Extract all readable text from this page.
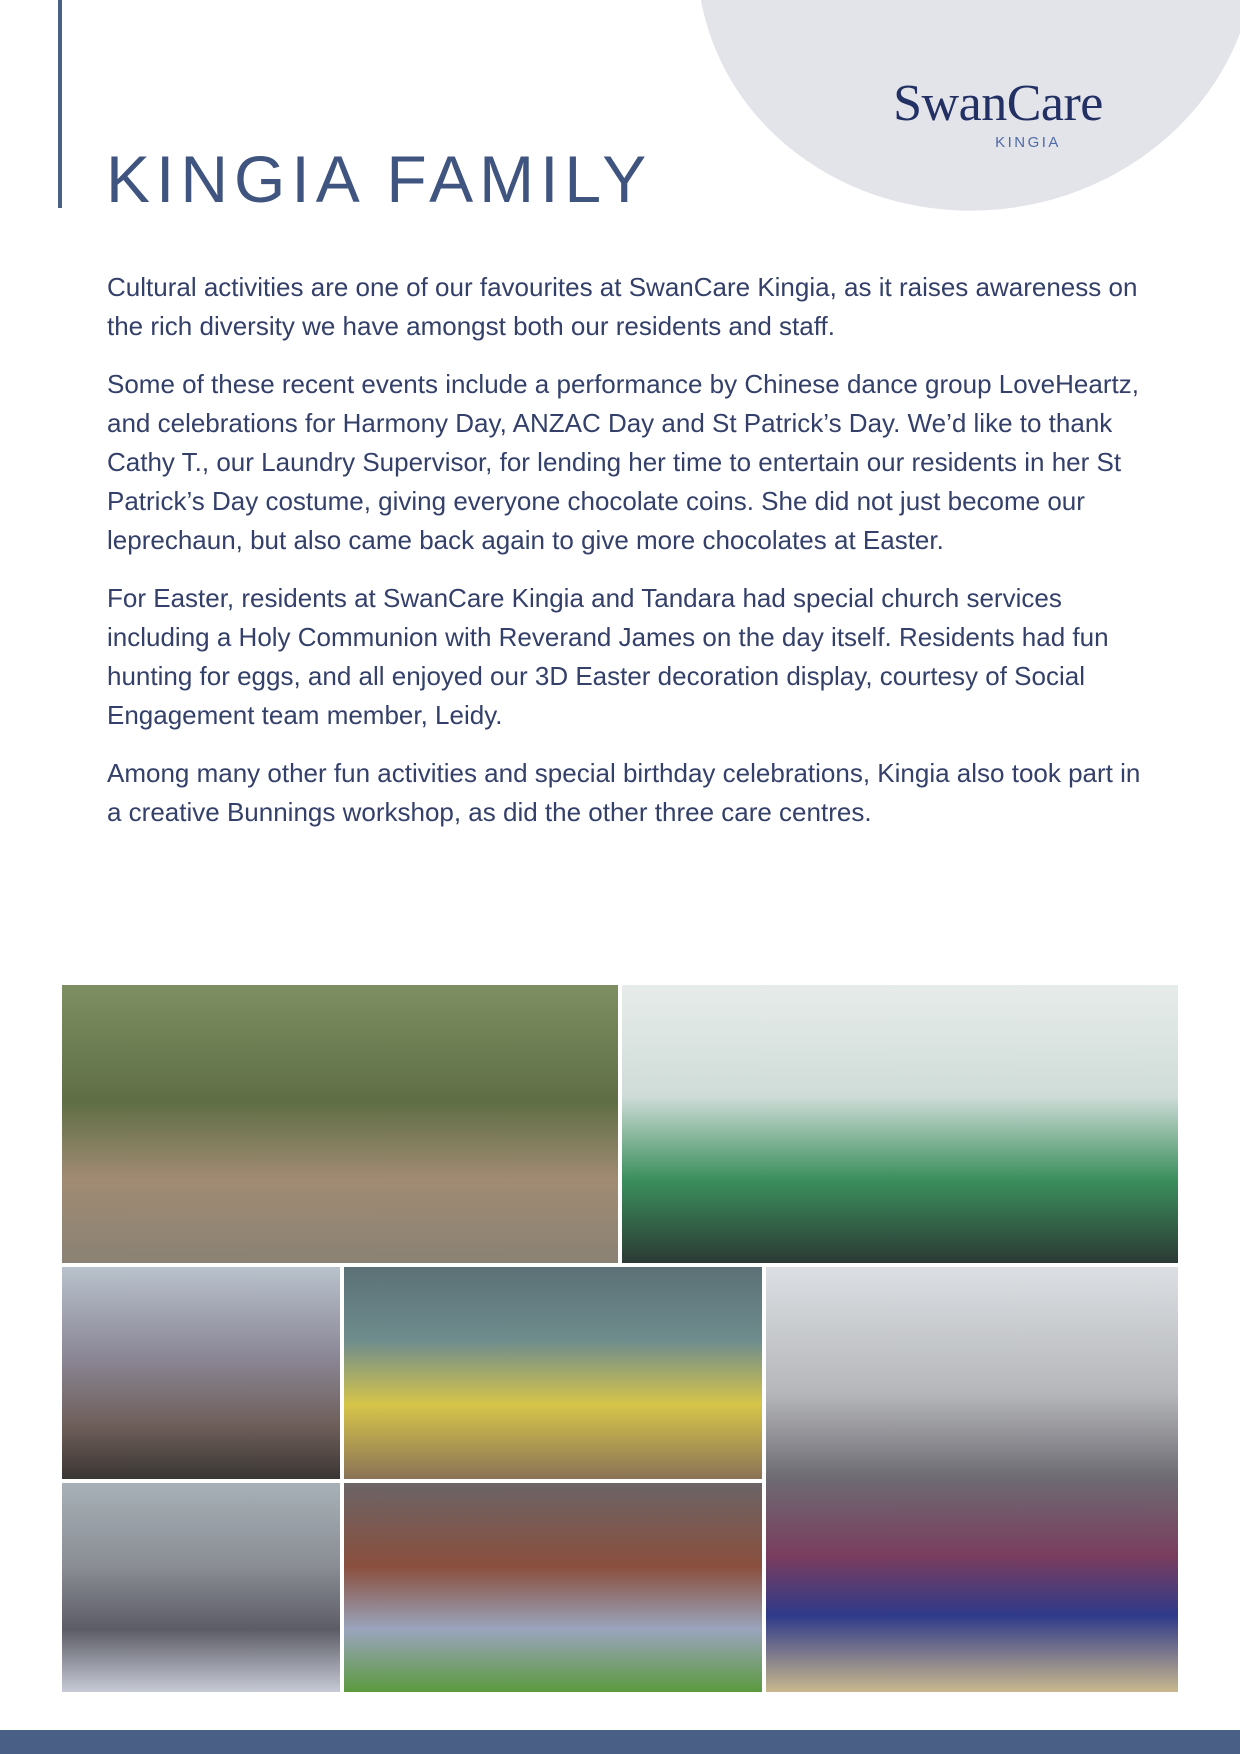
SwanCare
KINGIA
KINGIA FAMILY

Cultural activities are one of our favourites at SwanCare Kingia, as it raises awareness on the rich diversity we have amongst both our residents and staff.

Some of these recent events include a performance by Chinese dance group LoveHeartz, and celebrations for Harmony Day, ANZAC Day and St Patrick’s Day. We’d like to thank Cathy T., our Laundry Supervisor, for lending her time to entertain our residents in her St Patrick’s Day costume, giving everyone chocolate coins. She did not just become our leprechaun, but also came back again to give more chocolates at Easter.

For Easter, residents at SwanCare Kingia and Tandara had special church services including a Holy Communion with Reverand James on the day itself. Residents had fun hunting for eggs, and all enjoyed our 3D Easter decoration display, courtesy of Social Engagement team member, Leidy.

Among many other fun activities and special birthday celebrations, Kingia also took part in a creative Bunnings workshop, as did the other three care centres.
